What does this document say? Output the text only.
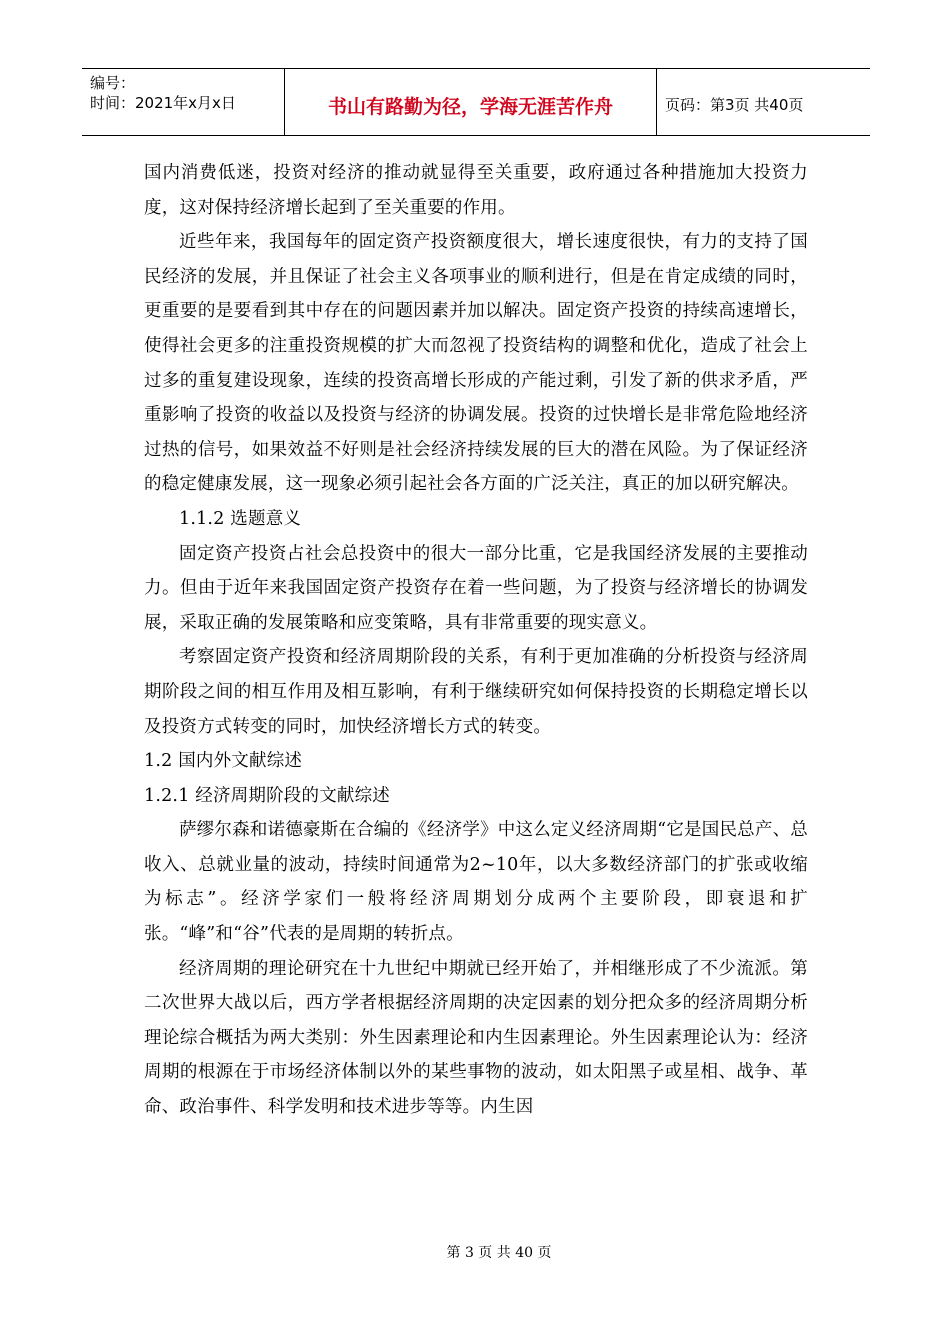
编号：
时间：2021年x月x日	书山有路勤为径，学海无涯苦作舟	页码：第3页 共40页

国内消费低迷，投资对经济的推动就显得至关重要，政府通过各种措施加大投资力度，这对保持经济增长起到了至关重要的作用。

近些年来，我国每年的固定资产投资额度很大，增长速度很快，有力的支持了国民经济的发展，并且保证了社会主义各项事业的顺利进行，但是在肯定成绩的同时，更重要的是要看到其中存在的问题因素并加以解决。固定资产投资的持续高速增长，使得社会更多的注重投资规模的扩大而忽视了投资结构的调整和优化，造成了社会上过多的重复建设现象，连续的投资高增长形成的产能过剩，引发了新的供求矛盾，严重影响了投资的收益以及投资与经济的协调发展。投资的过快增长是非常危险地经济过热的信号，如果效益不好则是社会经济持续发展的巨大的潜在风险。为了保证经济的稳定健康发展，这一现象必须引起社会各方面的广泛关注，真正的加以研究解决。

1.1.2 选题意义

固定资产投资占社会总投资中的很大一部分比重，它是我国经济发展的主要推动力。但由于近年来我国固定资产投资存在着一些问题，为了投资与经济增长的协调发展，采取正确的发展策略和应变策略，具有非常重要的现实意义。

考察固定资产投资和经济周期阶段的关系，有利于更加准确的分析投资与经济周期阶段之间的相互作用及相互影响，有利于继续研究如何保持投资的长期稳定增长以及投资方式转变的同时，加快经济增长方式的转变。

1.2 国内外文献综述

1.2.1 经济周期阶段的文献综述

萨缪尔森和诺德豪斯在合编的《经济学》中这么定义经济周期“它是国民总产、总收入、总就业量的波动，持续时间通常为2~10年，以大多数经济部门的扩张或收缩为标志”。经济学家们一般将经济周期划分成两个主要阶段，即衰退和扩张。“峰”和“谷”代表的是周期的转折点。

经济周期的理论研究在十九世纪中期就已经开始了，并相继形成了不少流派。第二次世界大战以后，西方学者根据经济周期的决定因素的划分把众多的经济周期分析理论综合概括为两大类别：外生因素理论和内生因素理论。外生因素理论认为：经济周期的根源在于市场经济体制以外的某些事物的波动，如太阳黑子或星相、战争、革命、政治事件、科学发明和技术进步等等。内生因

第 3 页 共 40 页
